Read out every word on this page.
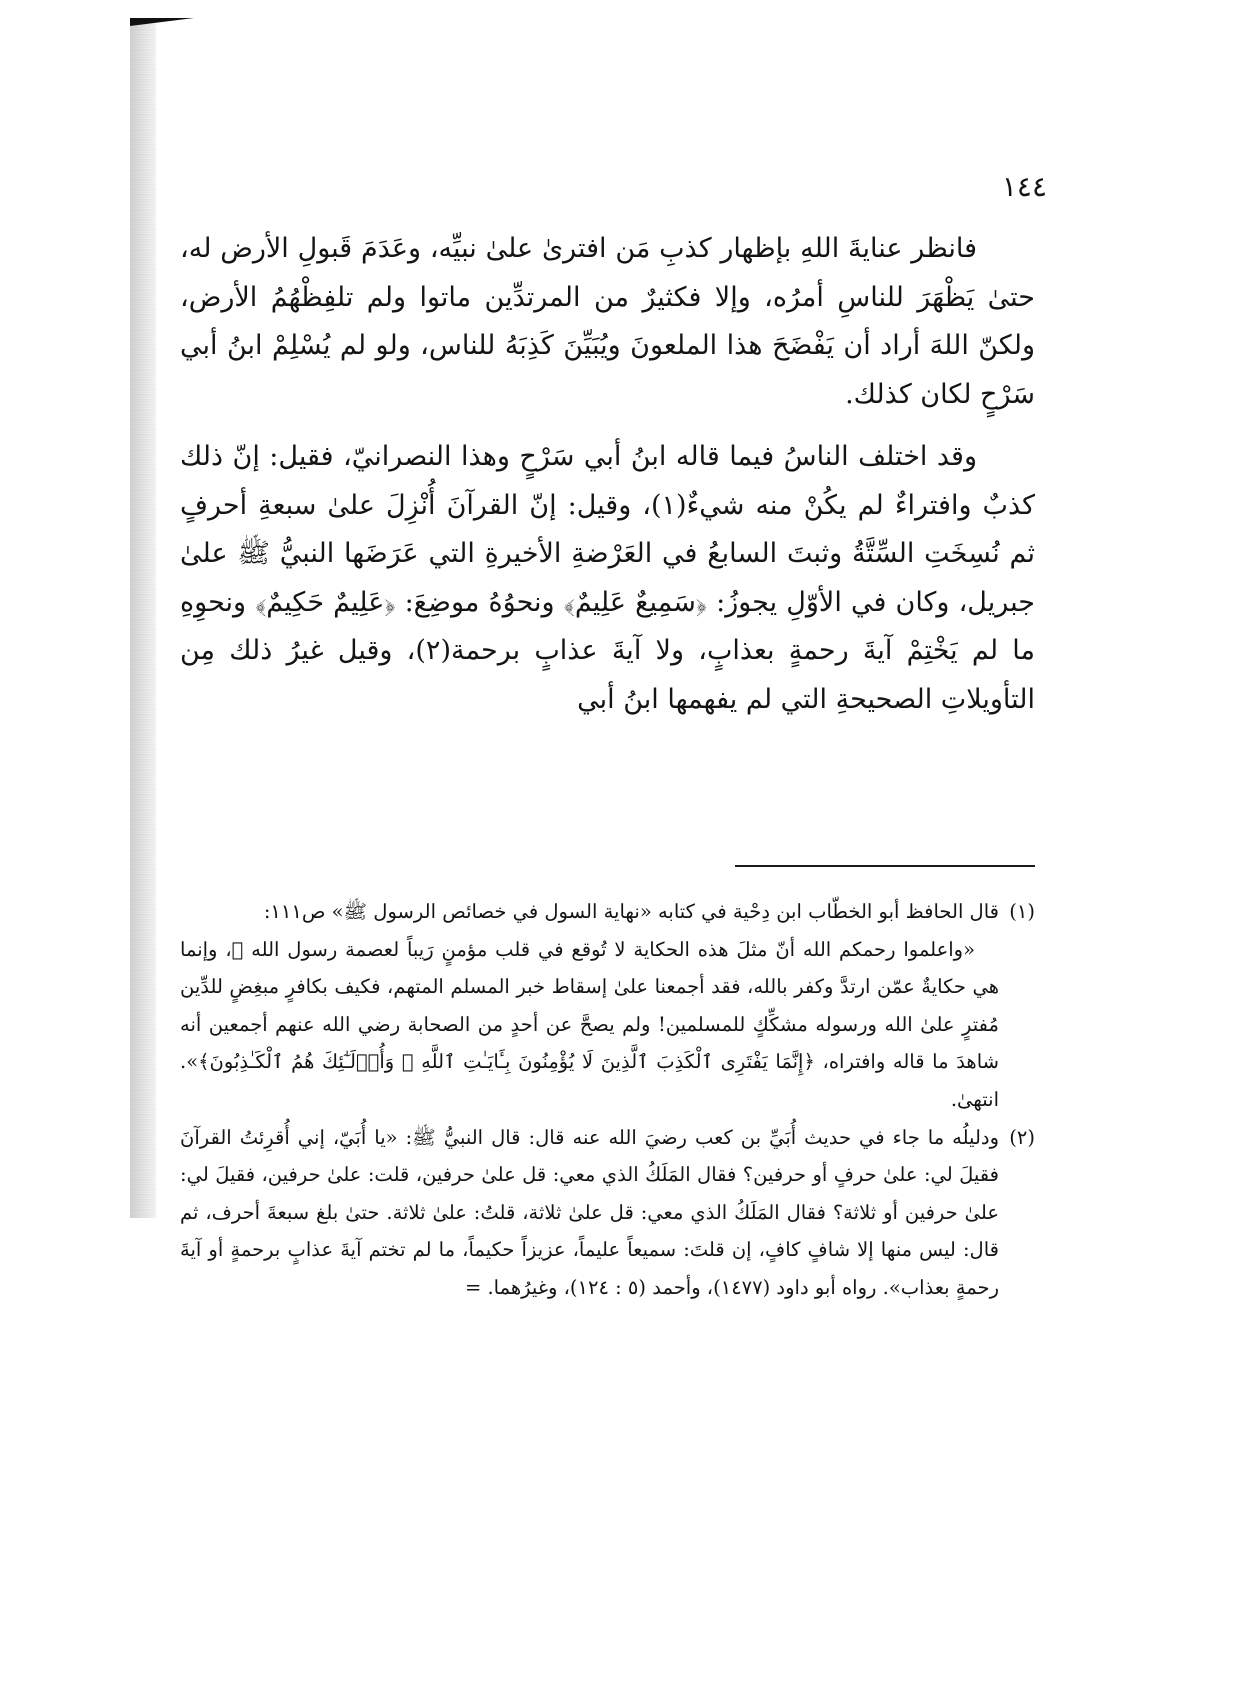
١٤٤

فانظر عنايةَ اللهِ بإظهار كذبِ مَن افترىٰ علىٰ نبيِّه، وعَدَمَ قَبولِ الأرض له، حتىٰ يَظْهَرَ للناسِ أمرُه، وإلا فكثيرٌ من المرتدِّين ماتوا ولم تلفِظْهُمُ الأرض، ولكنّ اللهَ أراد أن يَفْضَحَ هذا الملعونَ ويُبَيِّنَ كَذِبَهُ للناس، ولو لم يُسْلِمْ ابنُ أبي سَرْحٍ لكان كذلك.

وقد اختلف الناسُ فيما قاله ابنُ أبي سَرْحٍ وهذا النصرانيّ، فقيل: إنّ ذلك كذبٌ وافتراءٌ لم يكُنْ منه شيءٌ(١)، وقيل: إنّ القرآنَ أُنْزِلَ علىٰ سبعةِ أحرفٍ ثم نُسِخَتِ السِّتَّةُ وثبتَ السابعُ في العَرْضةِ الأخيرةِ التي عَرَضَها النبيُّ ﷺ علىٰ جبريل، وكان في الأوّلِ يجوزُ: ﴿سَمِيعٌ عَلِيمٌ﴾ ونحوُهُ موضِعَ: ﴿عَلِيمٌ حَكِيمٌ﴾ ونحوِهِ ما لم يَخْتِمْ آيةَ رحمةٍ بعذابٍ، ولا آيةَ عذابٍ برحمة(٢)، وقيل غيرُ ذلك مِن التأويلاتِ الصحيحةِ التي لم يفهمها ابنُ أبي

(١)
قال الحافظ أبو الخطّاب ابن دِحْية في كتابه «نهاية السول في خصائص الرسول ﷺ» ص١١١:

«واعلموا رحمكم الله أنّ مثلَ هذه الحكاية لا تُوقع في قلب مؤمنٍ رَيباً لعصمة رسول الله ﷺ، وإنما هي حكايةٌ عمّن ارتدَّ وكفر بالله، فقد أجمعنا علىٰ إسقاط خبر المسلم المتهم، فكيف بكافرٍ مبغِضٍ للدِّين مُفترٍ علىٰ الله ورسوله مشكِّكٍ للمسلمين! ولم يصحَّ عن أحدٍ من الصحابة رضي الله عنهم أجمعين أنه شاهدَ ما قاله وافتراه، ﴿إِنَّمَا يَفْتَرِى ٱلْكَذِبَ ٱلَّذِينَ لَا يُؤْمِنُونَ بِـَٔايَـٰتِ ٱللَّهِ ۖ وَأُو۟لَـٰٓئِكَ هُمُ ٱلْكَـٰذِبُونَ﴾». انتهىٰ.

(٢)
ودليلُه ما جاء في حديث أُبَيِّ بن كعب رضيَ الله عنه قال: قال النبيُّ ﷺ: «يا أُبَيّ، إني أُقرِئتُ القرآنَ فقيلَ لي: علىٰ حرفٍ أو حرفين؟ فقال المَلَكُ الذي معي: قل علىٰ حرفين، قلت: علىٰ حرفين، فقيلَ لي: علىٰ حرفين أو ثلاثة؟ فقال المَلَكُ الذي معي: قل علىٰ ثلاثة، قلتُ: علىٰ ثلاثة. حتىٰ بلغ سبعةَ أحرف، ثم قال: ليس منها إلا شافٍ كافٍ، إن قلتَ: سميعاً عليماً، عزيزاً حكيماً، ما لم تختم آيةَ عذابٍ برحمةٍ أو آيةَ رحمةٍ بعذاب». رواه أبو داود (١٤٧٧)، وأحمد (٥ : ١٢٤)، وغيرُهما. =
